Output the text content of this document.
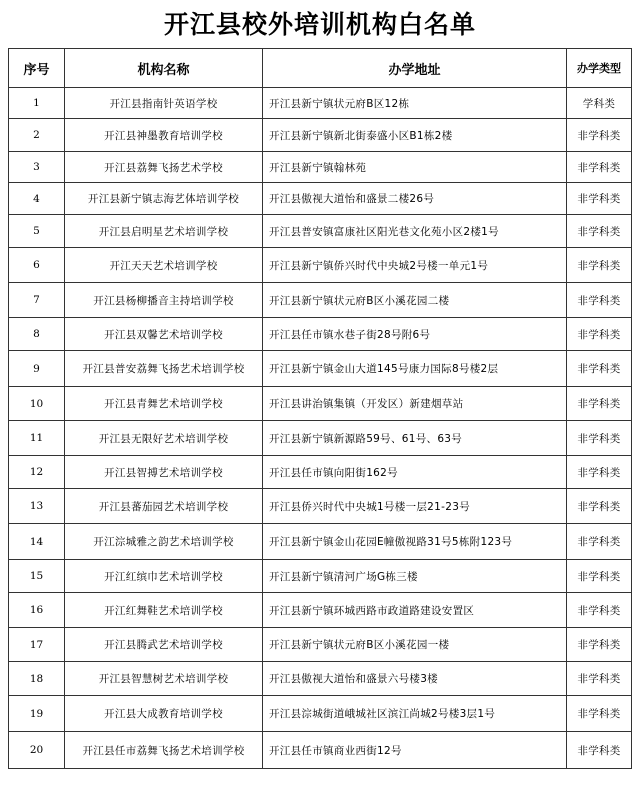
开江县校外培训机构白名单
序号	机构名称	办学地址	办学类型
1	开江县指南针英语学校	开江县新宁镇状元府B区12栋	学科类
2	开江县神墨教育培训学校	开江县新宁镇新北街泰盛小区B1栋2楼	非学科类
3	开江县荔舞飞扬艺术学校	开江县新宁镇翰林苑	非学科类
4	开江县新宁镇志海艺体培训学校	开江县傲视大道怡和盛景二楼26号	非学科类
5	开江县启明星艺术培训学校	开江县普安镇富康社区阳光巷文化苑小区2楼1号	非学科类
6	开江天天艺术培训学校	开江县新宁镇侨兴时代中央城2号楼一单元1号	非学科类
7	开江县杨柳播音主持培训学校	开江县新宁镇状元府B区小溪花园二楼	非学科类
8	开江县双馨艺术培训学校	开江县任市镇水巷子街28号附6号	非学科类
9	开江县普安荔舞飞扬艺术培训学校	开江县新宁镇金山大道145号康力国际8号楼2层	非学科类
10	开江县青舞艺术培训学校	开江县讲治镇集镇（开发区）新建烟草站	非学科类
11	开江县无限好艺术培训学校	开江县新宁镇新源路59号、61号、63号	非学科类
12	开江县智搏艺术培训学校	开江县任市镇向阳街162号	非学科类
13	开江县蕃茄园艺术培训学校	开江县侨兴时代中央城1号楼一层21-23号	非学科类
14	开江淙城雅之韵艺术培训学校	开江县新宁镇金山花园E幢傲视路31号5栋附123号	非学科类
15	开江红缤巾艺术培训学校	开江县新宁镇清河广场G栋三楼	非学科类
16	开江红舞鞋艺术培训学校	开江县新宁镇环城西路市政道路建设安置区	非学科类
17	开江县腾武艺术培训学校	开江县新宁镇状元府B区小溪花园一楼	非学科类
18	开江县智慧树艺术培训学校	开江县傲视大道怡和盛景六号楼3楼	非学科类
19	开江县大成教育培训学校	开江县淙城街道峨城社区滨江尚城2号楼3层1号	非学科类
20	开江县任市荔舞飞扬艺术培训学校	开江县任市镇商业西街12号	非学科类
